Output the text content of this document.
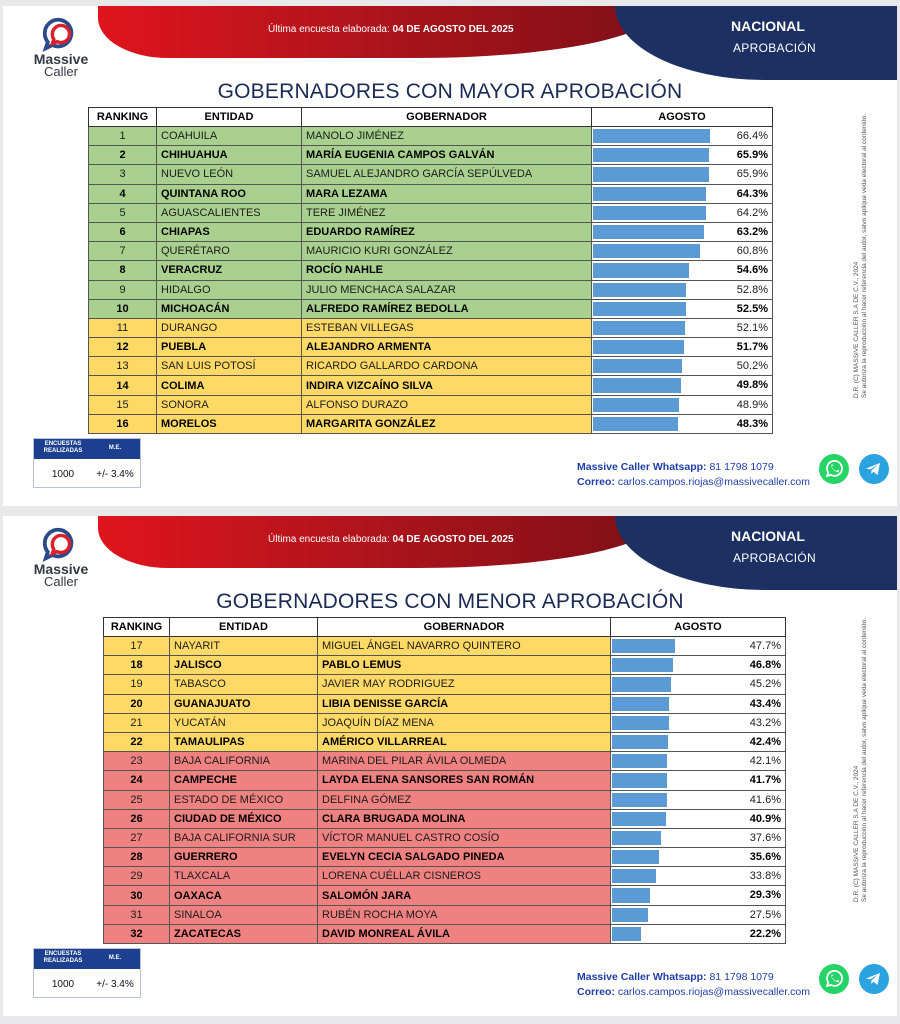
Última encuesta elaborada: 04 DE AGOSTO DEL 2025	NACIONAL
APROBACIÓN
Massive
Caller
GOBERNADORES CON MAYOR APROBACIÓN
RANKING	ENTIDAD	GOBERNADOR	AGOSTO
1	COAHUILA	MANOLO JIMÉNEZ	66.4%

2	CHIHUAHUA	MARÍA EUGENIA CAMPOS GALVÁN	65.9%

3	NUEVO LEÓN	SAMUEL ALEJANDRO GARCÍA SEPÚLVEDA	65.9%

4	QUINTANA ROO	MARA LEZAMA	64.3%

5	AGUASCALIENTES	TERE JIMÉNEZ	64.2%

6	CHIAPAS	EDUARDO RAMÍREZ	63.2%

7	QUERÉTARO	MAURICIO KURI GONZÁLEZ	60.8%

8	VERACRUZ	ROCÍO NAHLE	54.6%

9	HIDALGO	JULIO MENCHACA SALAZAR	52.8%

10	MICHOACÁN	ALFREDO RAMÍREZ BEDOLLA	52.5%

11	DURANGO	ESTEBAN VILLEGAS	52.1%

12	PUEBLA	ALEJANDRO ARMENTA	51.7%

13	SAN LUIS POTOSÍ	RICARDO GALLARDO CARDONA	50.2%

14	COLIMA	INDIRA VIZCAÍNO SILVA	49.8%

15	SONORA	ALFONSO DURAZO	48.9%

16	MORELOS	MARGARITA GONZÁLEZ	48.3%
ENCUESTAS REALIZADAS	M.E.
1000	+/- 3.4%
Massive Caller Whatsapp: 81 1798 1079
Correo: carlos.campos.riojas@massivecaller.com
D.R. (C) MASSIVE CALLER S.A DE C.V., 2024 Se autoriza la reproducción al hacer referencia del autor, salvo aplique veda electoral al contenido.
Última encuesta elaborada: 04 DE AGOSTO DEL 2025	NACIONAL
APROBACIÓN
Massive
Caller
GOBERNADORES CON MENOR APROBACIÓN
RANKING	ENTIDAD	GOBERNADOR	AGOSTO
17	NAYARIT	MIGUEL ÁNGEL NAVARRO QUINTERO	47.7%

18	JALISCO	PABLO LEMUS	46.8%

19	TABASCO	JAVIER MAY RODRIGUEZ	45.2%

20	GUANAJUATO	LIBIA DENISSE GARCÍA	43.4%

21	YUCATÁN	JOAQUÍN DÍAZ MENA	43.2%

22	TAMAULIPAS	AMÉRICO VILLARREAL	42.4%

23	BAJA CALIFORNIA	MARINA DEL PILAR ÁVILA OLMEDA	42.1%

24	CAMPECHE	LAYDA ELENA SANSORES SAN ROMÁN	41.7%

25	ESTADO DE MÉXICO	DELFINA GÓMEZ	41.6%

26	CIUDAD DE MÉXICO	CLARA BRUGADA MOLINA	40.9%

27	BAJA CALIFORNIA SUR	VÍCTOR MANUEL CASTRO COSÍO	37.6%

28	GUERRERO	EVELYN CECIA SALGADO PINEDA	35.6%

29	TLAXCALA	LORENA CUÉLLAR CISNEROS	33.8%

30	OAXACA	SALOMÓN JARA	29.3%

31	SINALOA	RUBÉN ROCHA MOYA	27.5%

32	ZACATECAS	DAVID MONREAL ÁVILA	22.2%
ENCUESTAS REALIZADAS	M.E.
1000	+/- 3.4%
Massive Caller Whatsapp: 81 1798 1079
Correo: carlos.campos.riojas@massivecaller.com
D.R. (C) MASSIVE CALLER S.A DE C.V., 2024 Se autoriza la reproducción al hacer referencia del autor, salvo aplique veda electoral al contenido.
